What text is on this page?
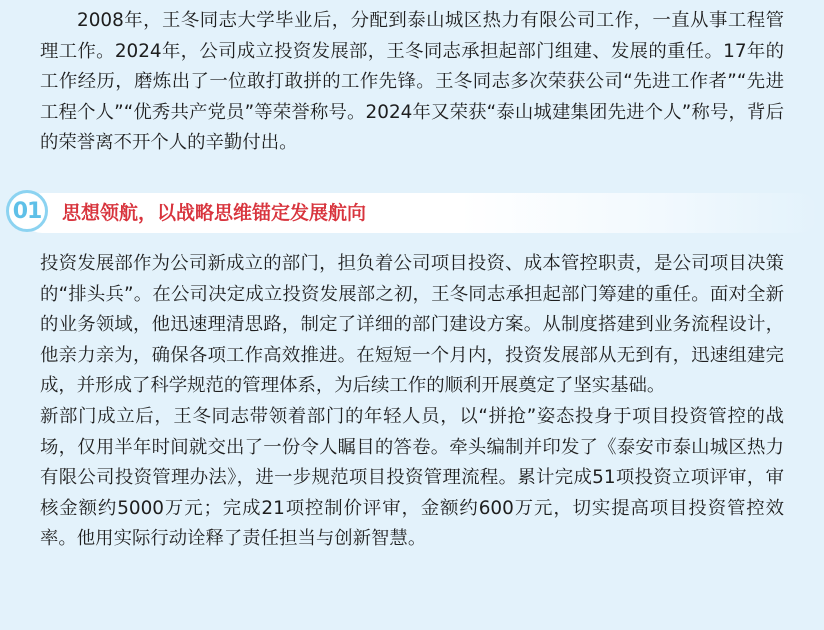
2008年，王冬同志大学毕业后，分配到泰山城区热力有限公司工作，一直从事工程管理工作。2024年，公司成立投资发展部，王冬同志承担起部门组建、发展的重任。17年的工作经历，磨炼出了一位敢打敢拼的工作先锋。王冬同志多次荣获公司“先进工作者”“先进工程个人”“优秀共产党员”等荣誉称号。2024年又荣获“泰山城建集团先进个人”称号，背后的荣誉离不开个人的辛勤付出。

01	思想领航，以战略思维锚定发展航向

投资发展部作为公司新成立的部门，担负着公司项目投资、成本管控职责，是公司项目决策的“排头兵”。在公司决定成立投资发展部之初，王冬同志承担起部门筹建的重任。面对全新的业务领域，他迅速理清思路，制定了详细的部门建设方案。从制度搭建到业务流程设计，他亲力亲为，确保各项工作高效推进。在短短一个月内，投资发展部从无到有，迅速组建完成，并形成了科学规范的管理体系，为后续工作的顺利开展奠定了坚实基础。

新部门成立后，王冬同志带领着部门的年轻人员，以“拼抢”姿态投身于项目投资管控的战场，仅用半年时间就交出了一份令人瞩目的答卷。牵头编制并印发了《泰安市泰山城区热力有限公司投资管理办法》，进一步规范项目投资管理流程。累计完成51项投资立项评审，审核金额约5000万元；完成21项控制价评审，金额约600万元，切实提高项目投资管控效率。他用实际行动诠释了责任担当与创新智慧。
